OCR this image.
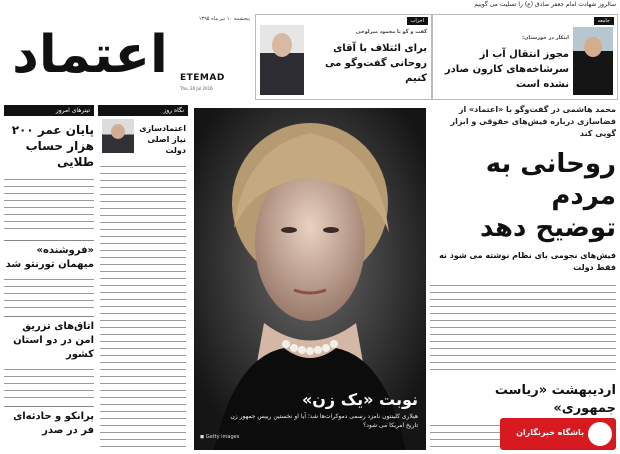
سالروز شهادت امام جعفر صادق (ع) را تسلیت می گوییم
اعتماد ETEMAD
پنجشنبه ۱۰ تیر ماه ۱۳۹۵
Thu, 30 Jul 2016
احزاب
گفت و گو با محمود میرلوحی
برای ائتلاف با آقای روحانی گفت‌وگو می کنیم
جامعه
ابتکار در خوزستان:
مجوز انتقال آب از سرشاخه‌های کارون صادر نشده است
تیترهای امروز
پایان عمر ۲۰۰ هزار حساب طلایی
«فروشنده» میهمان تورنتو شد
اتاق‌های تزریق امن در دو استان کشور
پرانکو و حادثه‌ای فر در صدر
نگاه روز
اعتمادسازی نیاز اصلی دولت
نوبت «یک زن»
هیلاری کلینتون نامزد رسمی دموکرات‌ها شد؛ آیا او نخستین رییس جمهور زن تاریخ امریکا می شود؟
◼ Getty images
محمد هاشمی در گفت‌وگو با «اعتماد» از فضاسازی درباره فیش‌های حقوقی و ابزار گویی کند
روحانی به مردم
توضیح دهد
فیش‌های نجومی بای نظام نوشته می شود نه فقط دولت
اردیبهشت «ریاست جمهوری»
باشگاه خبرنگاران
